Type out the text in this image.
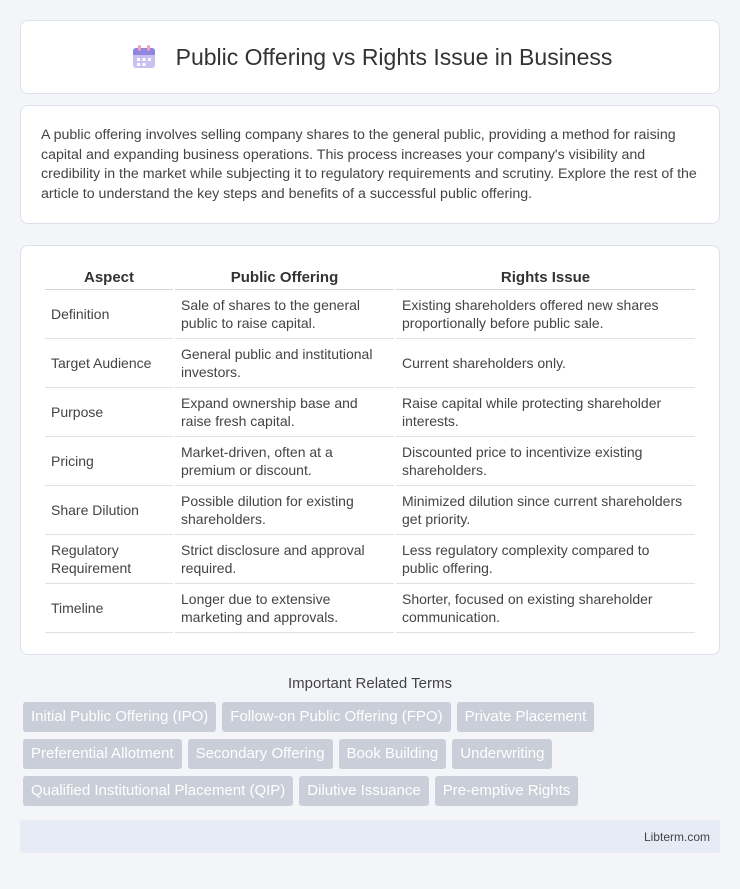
Public Offering vs Rights Issue in Business

A public offering involves selling company shares to the general public, providing a method for raising capital and expanding business operations. This process increases your company's visibility and credibility in the market while subjecting it to regulatory requirements and scrutiny. Explore the rest of the article to understand the key steps and benefits of a successful public offering.

Aspect	Public Offering	Rights Issue
Definition	Sale of shares to the general public to raise capital.	Existing shareholders offered new shares proportionally before public sale.
Target Audience	General public and institutional investors.	Current shareholders only.
Purpose	Expand ownership base and raise fresh capital.	Raise capital while protecting shareholder interests.
Pricing	Market-driven, often at a premium or discount.	Discounted price to incentivize existing shareholders.
Share Dilution	Possible dilution for existing shareholders.	Minimized dilution since current shareholders get priority.
Regulatory Requirement	Strict disclosure and approval required.	Less regulatory complexity compared to public offering.
Timeline	Longer due to extensive marketing and approvals.	Shorter, focused on existing shareholder communication.
Important Related Terms
Initial Public Offering (IPO)	Follow-on Public Offering (FPO)	Private Placement
Preferential Allotment	Secondary Offering	Book Building	Underwriting
Qualified Institutional Placement (QIP)	Dilutive Issuance	Pre-emptive Rights
Libterm.com
